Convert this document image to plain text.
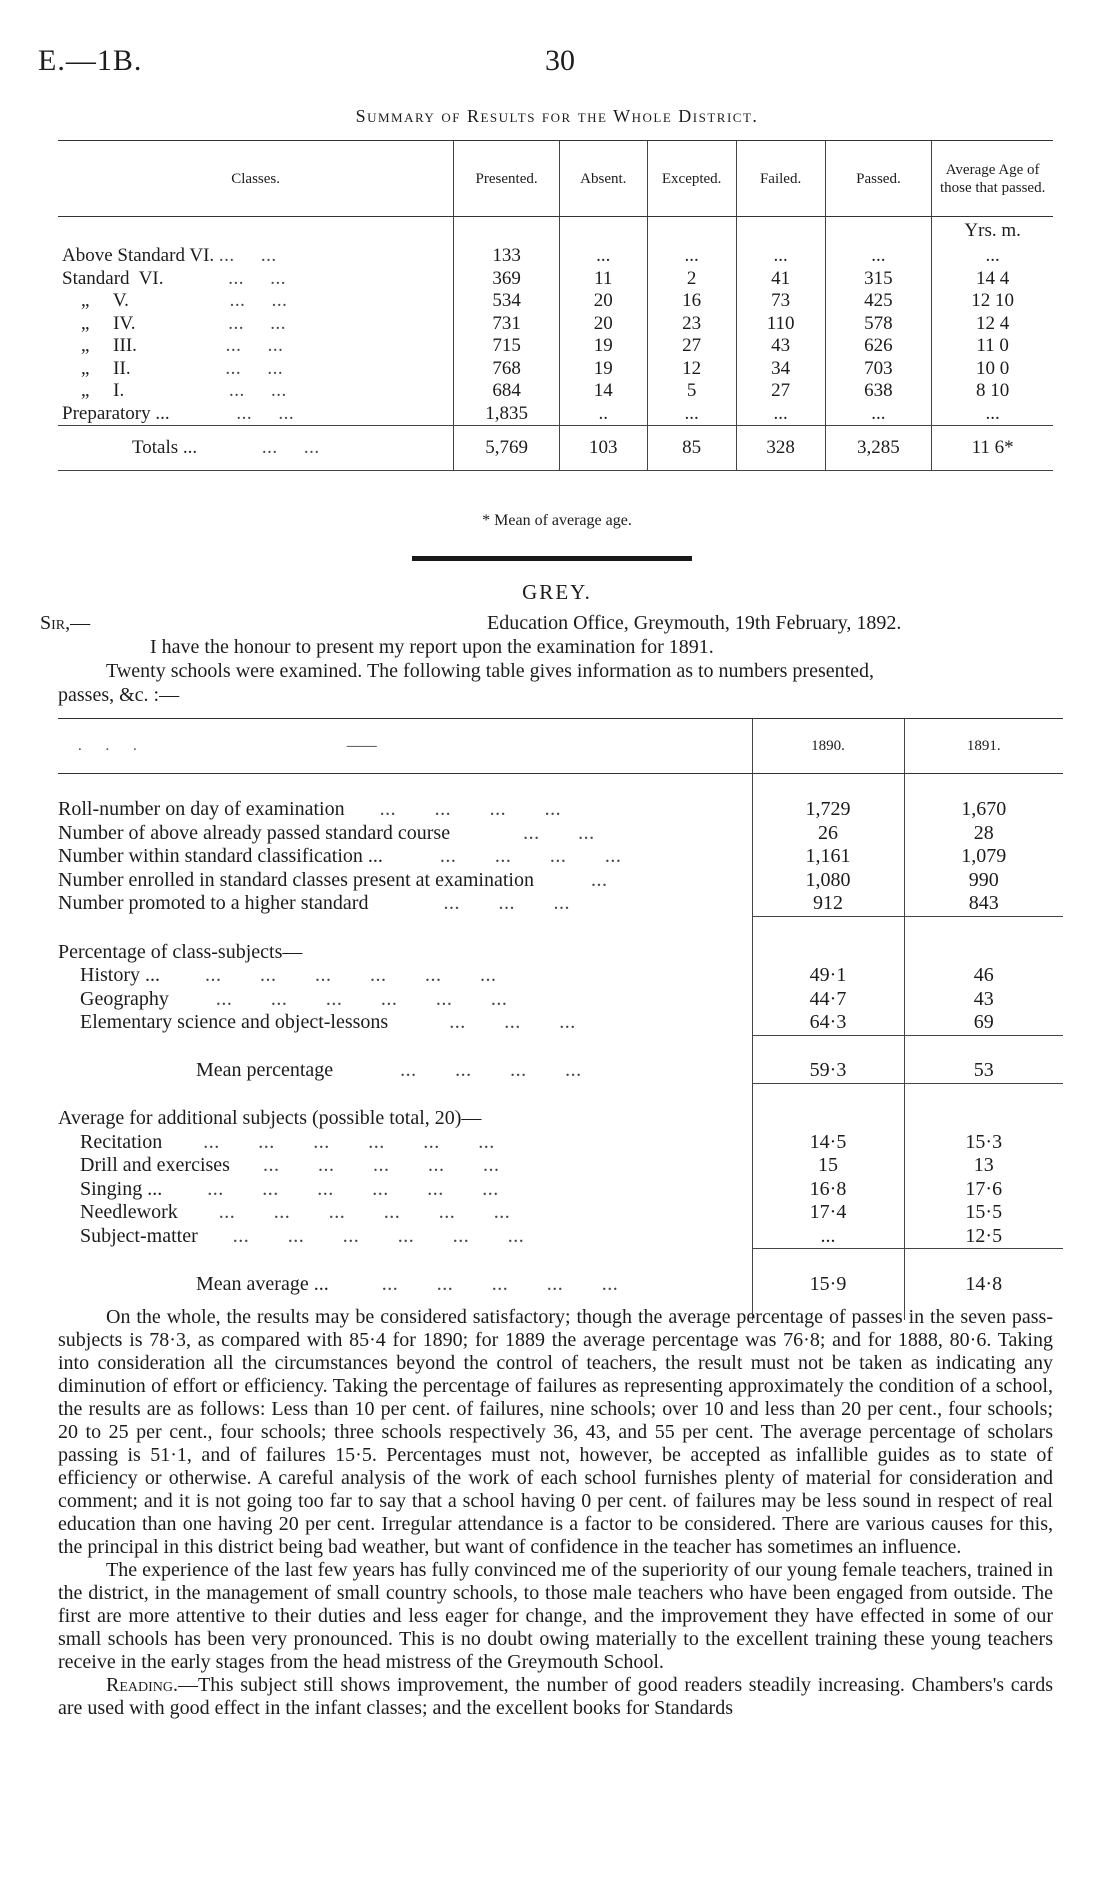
E.—1B.	30
Summary of Results for the Whole District.
Classes.	Presented.	Absent.	Excepted.	Failed.	Passed.	Average Age of those that passed.
						Yrs. m.
Above Standard VI. ...     ...	133	...	...	...	...	...
Standard  VI. ...     ...	369	11	2	41	315	14 4
„     V. ...     ...	534	20	16	73	425	12 10
„     IV. ...     ...	731	20	23	110	578	12 4
„     III. ...     ...	715	19	27	43	626	11 0
„     II. ...     ...	768	19	12	34	703	10 0
„     I. ...     ...	684	14	5	27	638	8 10
Preparatory ... ...     ...	1,835	..	...	...	...	...
Totals ... ...     ...	5,769	103	85	328	3,285	11 6*
* Mean of average age.
GREY.
Sir,—	Education Office, Greymouth, 19th February, 1892.
I have the honour to present my report upon the examination for 1891.
Twenty schools were examined. The following table gives information as to numbers presented,
passes, &c. :—
. . . ——	1890.	1891.

Roll-number on day of examination ...       ...       ...       ...	1,729	1,670
Number of above already passed standard course ...       ...	26	28
Number within standard classification ... ...       ...       ...       ...	1,161	1,079
Number enrolled in standard classes present at examination ...	1,080	990
Number promoted to a higher standard ...       ...       ...	912	843

Percentage of class-subjects—		
History ... ...       ...       ...       ...       ...       ...	49·1	46
Geography ...       ...       ...       ...       ...       ...	44·7	43
Elementary science and object-lessons ...       ...       ...	64·3	69

Mean percentage ...       ...       ...       ...	59·3	53

Average for additional subjects (possible total, 20)—		
Recitation ...       ...       ...       ...       ...       ...	14·5	15·3
Drill and exercises ...       ...       ...       ...       ...	15	13
Singing ... ...       ...       ...       ...       ...       ...	16·8	17·6
Needlework ...       ...       ...       ...       ...       ...	17·4	15·5
Subject-matter ...       ...       ...       ...       ...       ...	...	12·5

Mean average ... ...       ...       ...       ...       ...	15·9	14·8

On the whole, the results may be considered satisfactory; though the average percentage of passes in the seven pass-subjects is 78·3, as compared with 85·4 for 1890; for 1889 the average percentage was 76·8; and for 1888, 80·6. Taking into consideration all the circumstances beyond the control of teachers, the result must not be taken as indicating any diminution of effort or efficiency. Taking the percentage of failures as representing approximately the condition of a school, the results are as follows: Less than 10 per cent. of failures, nine schools; over 10 and less than 20 per cent., four schools; 20 to 25 per cent., four schools; three schools respectively 36, 43, and 55 per cent. The average percentage of scholars passing is 51·1, and of failures 15·5. Percentages must not, however, be accepted as infallible guides as to state of efficiency or otherwise. A careful analysis of the work of each school furnishes plenty of material for consideration and comment; and it is not going too far to say that a school having 0 per cent. of failures may be less sound in respect of real education than one having 20 per cent. Irregular attendance is a factor to be considered. There are various causes for this, the principal in this district being bad weather, but want of confidence in the teacher has sometimes an influence.

The experience of the last few years has fully convinced me of the superiority of our young female teachers, trained in the district, in the management of small country schools, to those male teachers who have been engaged from outside. The first are more attentive to their duties and less eager for change, and the improvement they have effected in some of our small schools has been very pronounced. This is no doubt owing materially to the excellent training these young teachers receive in the early stages from the head mistress of the Greymouth School.

Reading.—This subject still shows improvement, the number of good readers steadily increasing. Chambers's cards are used with good effect in the infant classes; and the excellent books for Standards
